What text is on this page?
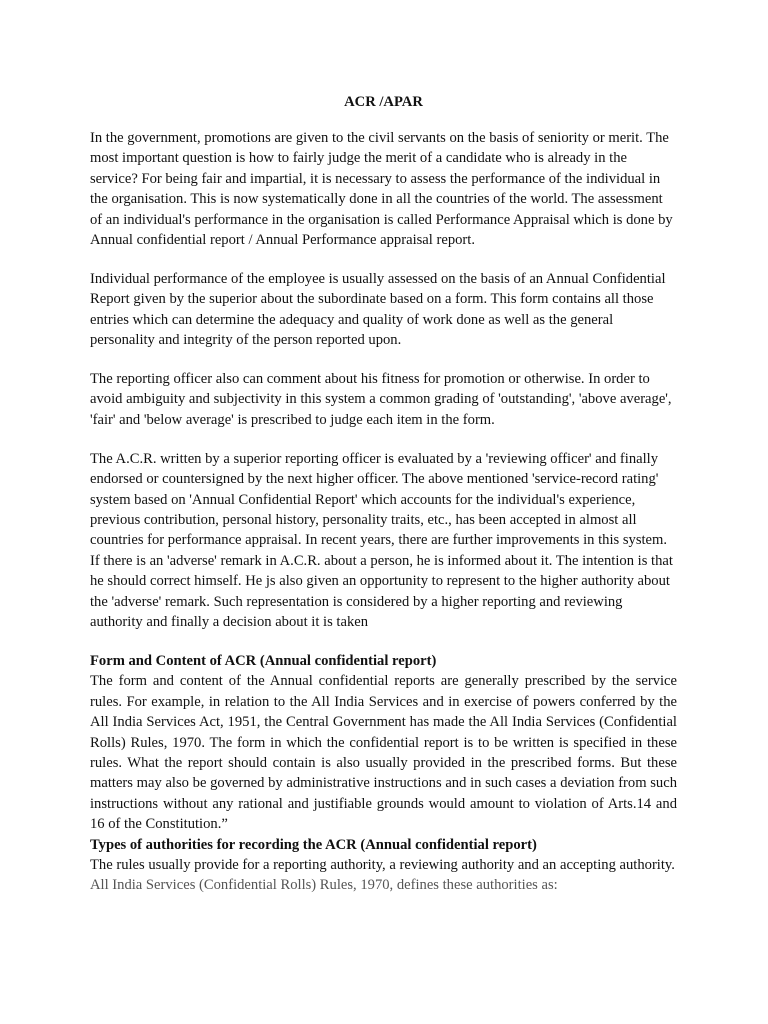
ACR /APAR

In the government, promotions are given to the civil servants on the basis of seniority or merit. The most important question is how to fairly judge the merit of a candidate who is already in the service? For being fair and impartial, it is necessary to assess the performance of the individual in the organisation. This is now systematically done in all the countries of the world. The assessment of an individual's performance in the organisation is called Performance Appraisal which is done by Annual confidential report / Annual Performance appraisal report.

Individual performance of the employee is usually assessed on the basis of an Annual Confidential Report given by the superior about the subordinate based on a form. This form contains all those entries which can determine the adequacy and quality of work done as well as the general personality and integrity of the person reported upon.

The reporting officer also can comment about his fitness for promotion or otherwise. In order to avoid ambiguity and subjectivity in this system a common grading of 'outstanding', 'above average', 'fair' and 'below average' is prescribed to judge each item in the form.

The A.C.R. written by a superior reporting officer is evaluated by a 'reviewing officer' and finally endorsed or countersigned by the next higher officer. The above mentioned 'service-record rating' system based on 'Annual Confidential Report' which accounts for the individual's experience, previous contribution, personal history, personality traits, etc., has been accepted in almost all countries for performance appraisal. In recent years, there are further improvements in this system. If there is an 'adverse' remark in A.C.R. about a person, he is informed about it. The intention is that he should correct himself. He js also given an opportunity to represent to the higher authority about the 'adverse' remark. Such representation is considered by a higher reporting and reviewing authority and finally a decision about it is taken

Form and Content of ACR (Annual confidential report)
The form and content of the Annual confidential reports are generally prescribed by the service rules. For example, in relation to the All India Services and in exercise of powers conferred by the All India Services Act, 1951, the Central Government has made the All India Services (Confidential Rolls) Rules, 1970. The form in which the confidential report is to be written is specified in these rules. What the report should contain is also usually provided in the prescribed forms. But these matters may also be governed by administrative instructions and in such cases a deviation from such instructions without any rational and justifiable grounds would amount to violation of Arts.14 and 16 of the Constitution.”
Types of authorities for recording the ACR (Annual confidential report)
The rules usually provide for a reporting authority, a reviewing authority and an accepting authority. All India Services (Confidential Rolls) Rules, 1970, defines these authorities as:
